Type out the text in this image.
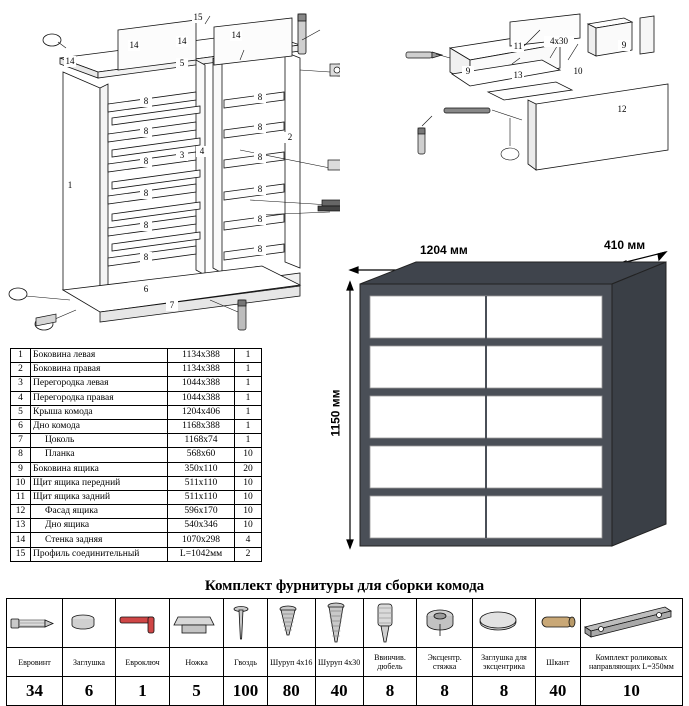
15
14	14
14
14	5
8
8
8
8
8
8
8
8
8
8
8
8
2
3	4
1
6
7
11	4х30	9
13	10
9
12
1204 мм	410 мм
1150 мм
1	Боковина левая	1134х388	1
2	Боковина правая	1134х388	1
3	Перегородка левая	1044х388	1
4	Перегородка правая	1044х388	1
5	Крыша комода	1204х406	1
6	Дно комода	1168х388	1
7	Цоколь	1168х74	1
8	Планка	568х60	10
9	Боковина ящика	350х110	20
10	Щит ящика передний	511х110	10
11	Щит ящика задний	511х110	10
12	Фасад ящика	596х170	10
13	Дно ящика	540х346	10
14	Стенка задняя	1070х298	4
15	Профиль соединительный	L=1042мм	2
Комплект фурнитуры для сборки комода

Евровинт	Заглушка	Евроключ	Ножка	Гвоздь	Шуруп 4х16	Шуруп 4х30	Ввинчив. дюбель	Эксцентр. стяжка	Заглушка для эксцентрика	Шкант	Комплект роликовых направляющих L=350мм
34	6	1	5	100	80	40	8	8	8	40	10
